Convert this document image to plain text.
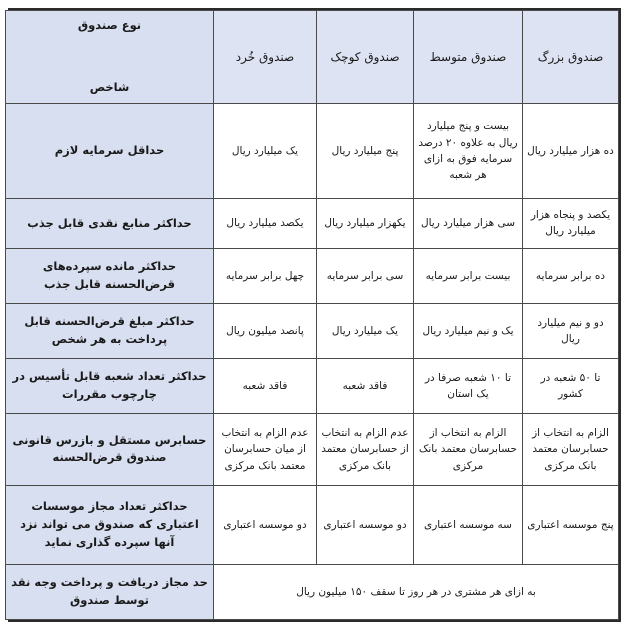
صندوق بزرگ	صندوق متوسط	صندوق کوچک	صندوق خُرد	نوع صندوق
شاخص

ده هزار میلیارد ریال	بیست و پنج میلیارد ریال به علاوه ۲۰ درصد سرمایه فوق به ازای هر شعبه	پنج میلیارد ریال	یک میلیارد ریال	حداقل سرمایه لازم
یکصد و پنجاه هزار میلیارد ریال	سی هزار میلیارد ریال	یکهزار میلیارد ریال	یکصد میلیارد ریال	حداکثر منابع نقدی قابل جذب
ده برابر سرمایه	بیست برابر سرمایه	سی برابر سرمایه	چهل برابر سرمایه	حداکثر مانده سپرده‌های قرض‌الحسنه قابل جذب
دو و نیم میلیارد ریال	یک و نیم میلیارد ریال	یک میلیارد ریال	پانصد میلیون ریال	حداکثر مبلغ قرض‌الحسنه قابل پرداخت به هر شخص
تا ۵۰ شعبه در کشور	تا ۱۰ شعبه صرفا در یک استان	فاقد شعبه	فاقد شعبه	حداکثر تعداد شعبه قابل تأسیس در چارچوب مقررات
الزام به انتخاب از حسابرسان معتمد بانک مرکزی	الزام به انتخاب از حسابرسان معتمد بانک مرکزی	عدم الزام به انتخاب از حسابرسان معتمد بانک مرکزی	عدم الزام به انتخاب از میان حسابرسان معتمد بانک مرکزی	حسابرس مستقل و بازرس قانونی صندوق قرض‌الحسنه
پنج موسسه اعتباری	سه موسسه اعتباری	دو موسسه اعتباری	دو موسسه اعتباری	حداکثر تعداد مجاز موسسات اعتباری که صندوق می تواند نزد آنها سپرده گذاری نماید
به ازای هر مشتری در هر روز تا سقف ۱۵۰ میلیون ریال				حد مجاز دریافت و پرداخت وجه نقد توسط صندوق
